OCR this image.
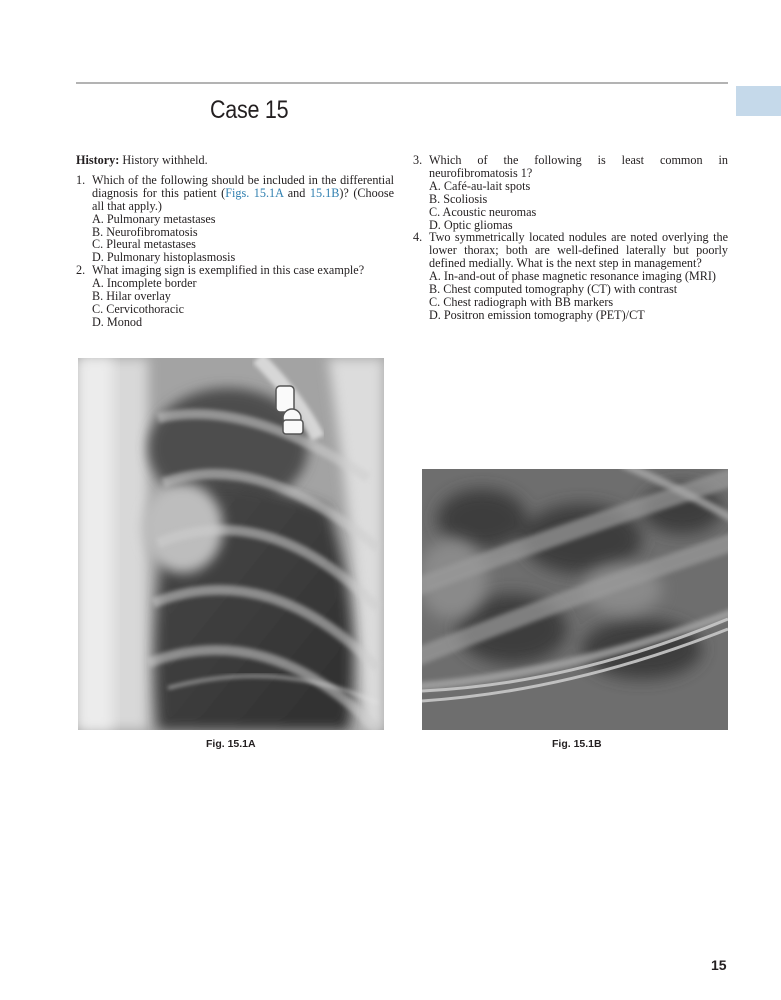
Case 15

History: History withheld.

1. Which of the following should be included in the differential diagnosis for this patient (Figs. 15.1A and 15.1B)? (Choose all that apply.)
A. Pulmonary metastases
B. Neurofibromatosis
C. Pleural metastases
D. Pulmonary histoplasmosis
2. What imaging sign is exemplified in this case example?
A. Incomplete border
B. Hilar overlay
C. Cervicothoracic
D. Monod
3. Which of the following is least common in neurofibromatosis 1?
A. Café-au-lait spots
B. Scoliosis
C. Acoustic neuromas
D. Optic gliomas
4. Two symmetrically located nodules are noted overlying the lower thorax; both are well-defined laterally but poorly defined medially. What is the next step in management?
A. In-and-out of phase magnetic resonance imaging (MRI)
B. Chest computed tomography (CT) with contrast
C. Chest radiograph with BB markers
D. Positron emission tomography (PET)/CT
Fig. 15.1A	Fig. 15.1B
15
